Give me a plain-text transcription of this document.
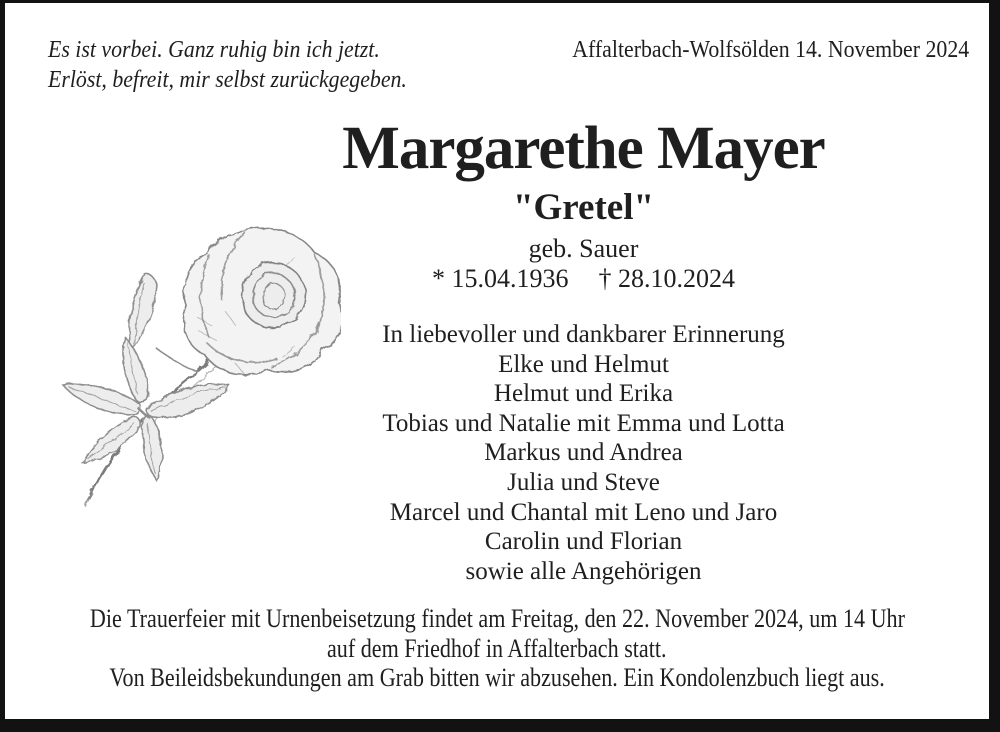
Es ist vorbei. Ganz ruhig bin ich jetzt.
Erlöst, befreit, mir selbst zurückgegeben.
Affalterbach-Wolfsölden 14. November 2024
Margarethe Mayer
"Gretel"
geb. Sauer
* 15.04.1936 † 28.10.2024
In liebevoller und dankbarer Erinnerung
Elke und Helmut
Helmut und Erika
Tobias und Natalie mit Emma und Lotta
Markus und Andrea
Julia und Steve
Marcel und Chantal mit Leno und Jaro
Carolin und Florian
sowie alle Angehörigen
Die Trauerfeier mit Urnenbeisetzung findet am Freitag, den 22. November 2024, um 14 Uhr
auf dem Friedhof in Affalterbach statt.
Von Beileidsbekundungen am Grab bitten wir abzusehen. Ein Kondolenzbuch liegt aus.
